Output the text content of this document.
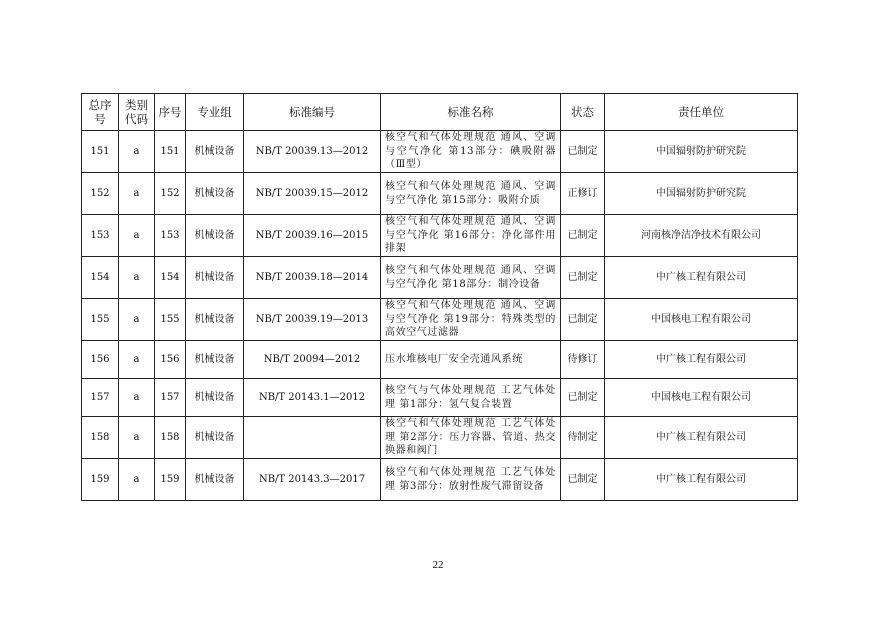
总序号	类别代码	序号	专业组	标准编号	标准名称	状态	责任单位
151	a	151	机械设备	NB/T 20039.13—2012	核空气和气体处理规范 通风、空调与空气净化 第13部分：碘吸附器（Ⅲ型）	已制定	中国辐射防护研究院
152	a	152	机械设备	NB/T 20039.15—2012	核空气和气体处理规范 通风、空调与空气净化 第15部分：吸附介质	正修订	中国辐射防护研究院
153	a	153	机械设备	NB/T 20039.16—2015	核空气和气体处理规范 通风、空调与空气净化 第16部分：净化部件用排架	已制定	河南核净洁净技术有限公司
154	a	154	机械设备	NB/T 20039.18—2014	核空气和气体处理规范 通风、空调与空气净化 第18部分：制冷设备	已制定	中广核工程有限公司
155	a	155	机械设备	NB/T 20039.19—2013	核空气和气体处理规范 通风、空调与空气净化 第19部分：特殊类型的高效空气过滤器	已制定	中国核电工程有限公司
156	a	156	机械设备	NB/T 20094—2012	压水堆核电厂安全壳通风系统	待修订	中广核工程有限公司
157	a	157	机械设备	NB/T 20143.1—2012	核空气与气体处理规范 工艺气体处理 第1部分：氢气复合装置	已制定	中国核电工程有限公司
158	a	158	机械设备		核空气和气体处理规范 工艺气体处理 第2部分：压力容器、管道、热交换器和阀门	待制定	中广核工程有限公司
159	a	159	机械设备	NB/T 20143.3—2017	核空气和气体处理规范 工艺气体处理 第3部分：放射性废气滞留设备	已制定	中广核工程有限公司
22
